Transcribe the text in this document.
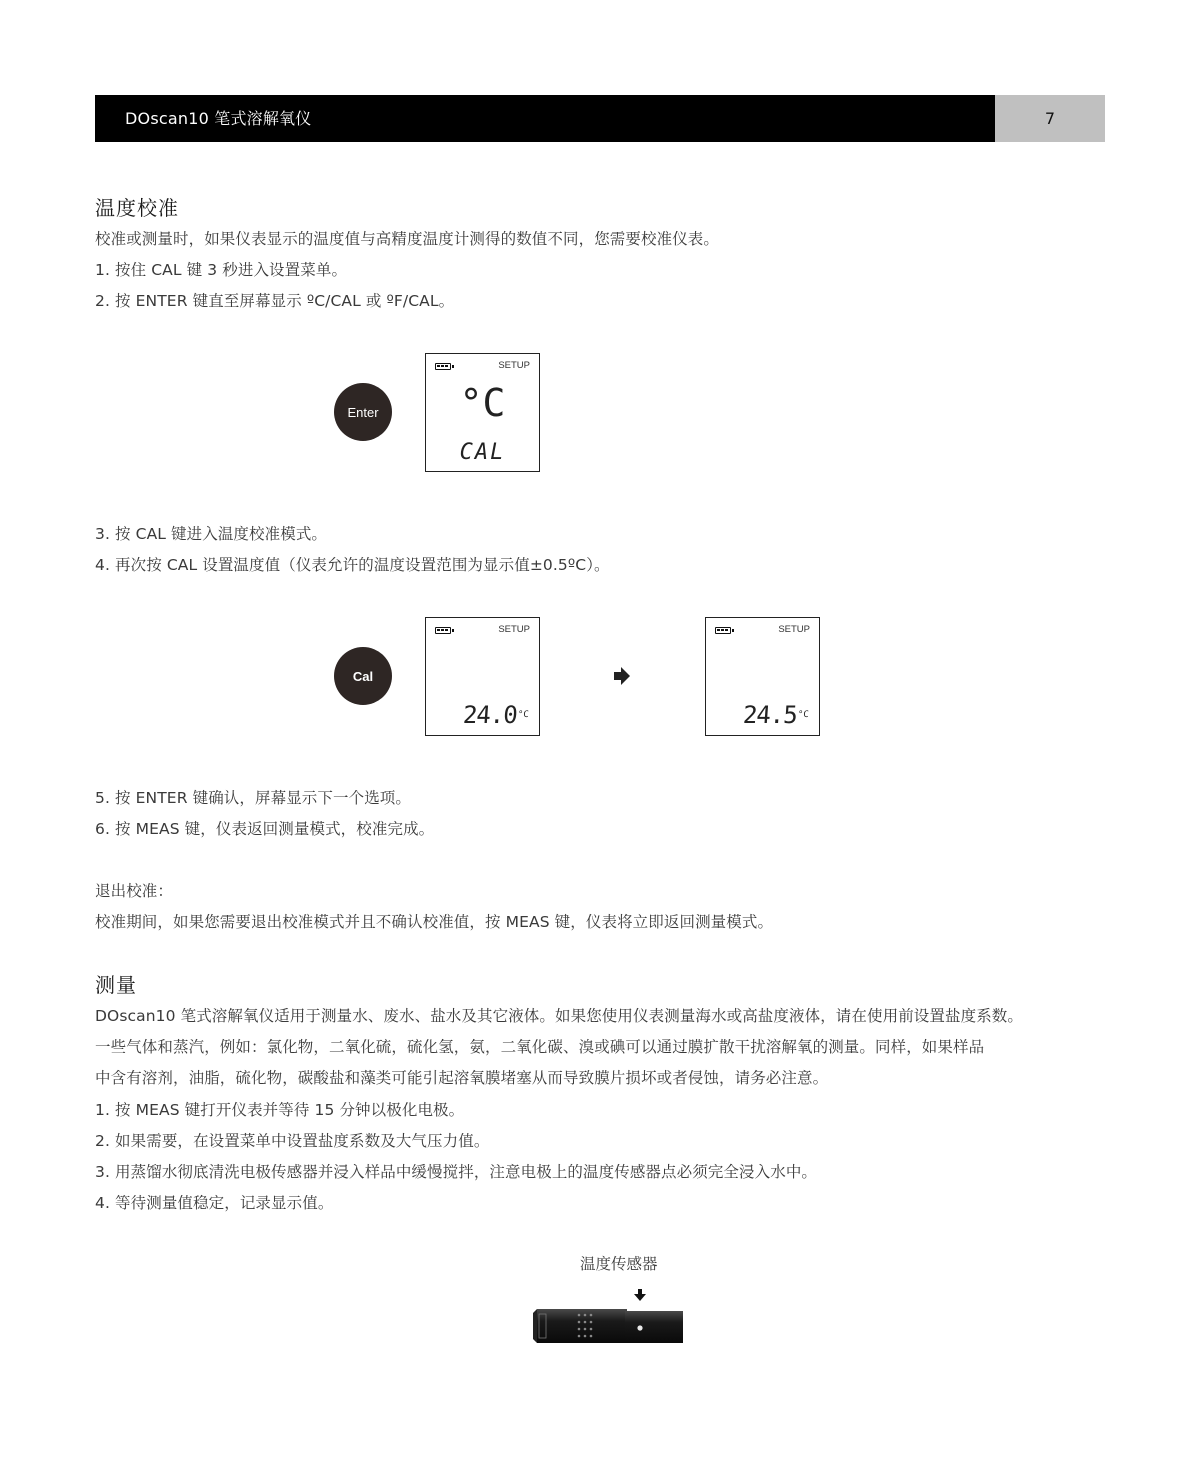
DOscan10 笔式溶解氧仪	7
温度校准
校准或测量时，如果仪表显示的温度值与高精度温度计测得的数值不同，您需要校准仪表。
1. 按住 CAL 键 3 秒进入设置菜单。
2. 按 ENTER 键直至屏幕显示 ºC/CAL 或 ºF/CAL。
Enter
SETUP
°C
CAL
3. 按 CAL 键进入温度校准模式。
4. 再次按 CAL 设置温度值（仪表允许的温度设置范围为显示值±0.5ºC）。
Cal
SETUP
$24.0^{^\circ C}$
SETUP
$24.5^{^\circ C}$
5. 按 ENTER 键确认，屏幕显示下一个选项。
6. 按 MEAS 键，仪表返回测量模式，校准完成。
退出校准：
校准期间，如果您需要退出校准模式并且不确认校准值，按 MEAS 键，仪表将立即返回测量模式。
测量
DOscan10 笔式溶解氧仪适用于测量水、废水、盐水及其它液体。如果您使用仪表测量海水或高盐度液体，请在使用前设置盐度系数。
一些气体和蒸汽，例如：氯化物，二氧化硫，硫化氢，氨，二氧化碳、溴或碘可以通过膜扩散干扰溶解氧的测量。同样，如果样品
中含有溶剂，油脂，硫化物，碳酸盐和藻类可能引起溶氧膜堵塞从而导致膜片损坏或者侵蚀，请务必注意。
1. 按 MEAS 键打开仪表并等待 15 分钟以极化电极。
2. 如果需要，在设置菜单中设置盐度系数及大气压力值。
3. 用蒸馏水彻底清洗电极传感器并浸入样品中缓慢搅拌，注意电极上的温度传感器点必须完全浸入水中。
4. 等待测量值稳定，记录显示值。
温度传感器
